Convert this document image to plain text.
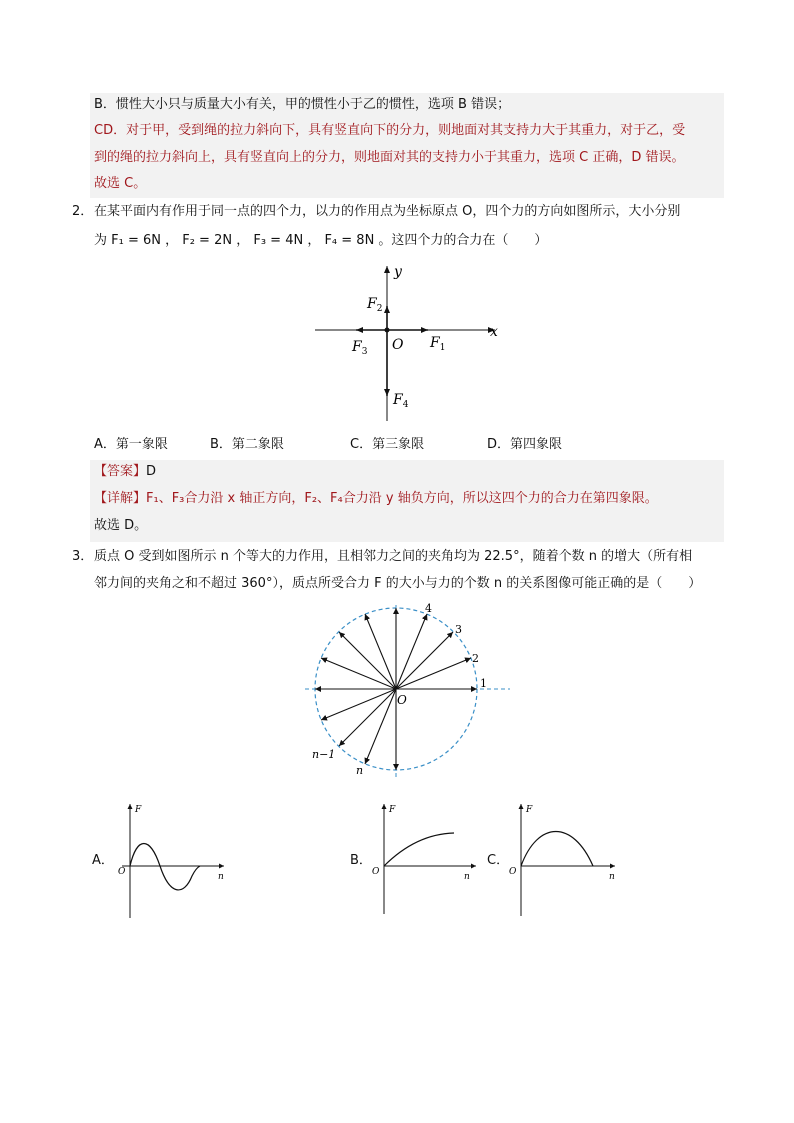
B．惯性大小只与质量大小有关，甲的惯性小于乙的惯性，选项 B 错误；
CD．对于甲，受到绳的拉力斜向下，具有竖直向下的分力，则地面对其支持力大于其重力，对于乙，受
到的绳的拉力斜向上，具有竖直向上的分力，则地面对其的支持力小于其重力，选项 C 正确，D 错误。
故选 C。
2． 在某平面内有作用于同一点的四个力，以力的作用点为坐标原点 O，四个力的方向如图所示，大小分别
为 F₁ = 6N ， F₂ = 2N ， F₃ = 4N ， F₄ = 8N 。这四个力的合力在（　　）
x
y
O $F_1$
$F_2$
$F_3$
$F_4$
A．第一象限	B．第二象限	C．第三象限	D．第四象限
【答案】D
【详解】F₁、F₃合力沿 x 轴正方向，F₂、F₄合力沿 y 轴负方向，所以这四个力的合力在第四象限。
故选 D。
3． 质点 O 受到如图所示 n 个等大的力作用，且相邻力之间的夹角均为 22.5°，随着个数 n 的增大（所有相
邻力间的夹角之和不超过 360°），质点所受合力 F 的大小与力的个数 n 的关系图像可能正确的是（　　）
O
1
2
3
4
n−1
n
A．
F
n
O
B．
F
n
O
C．
F
n
O
